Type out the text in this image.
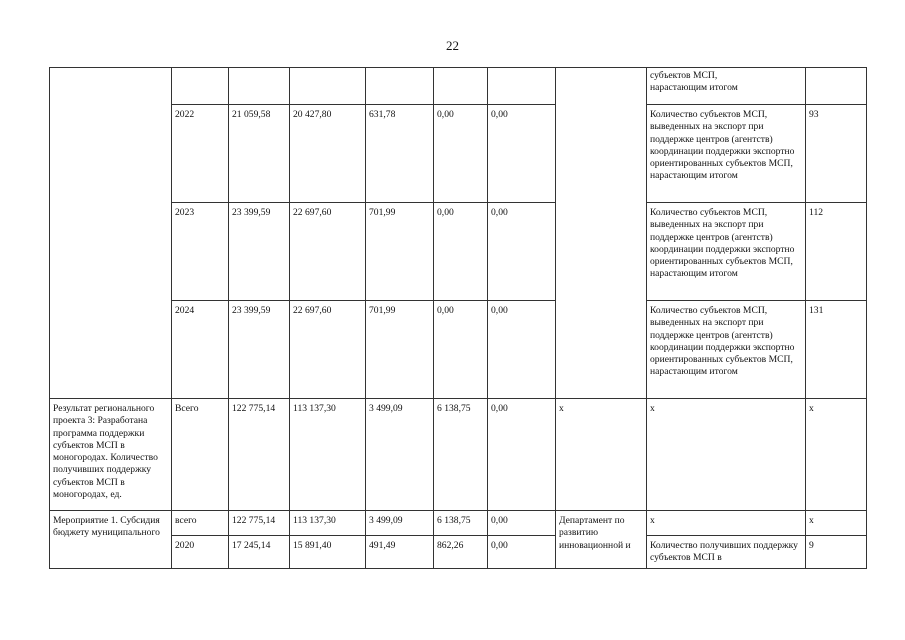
22

								субъектов МСП,
нарастающим итогом	

	2022	21 059,58	20 427,80	631,78	0,00	0,00		Количество субъектов МСП, выведенных на экспорт при поддержке центров (агентств) координации поддержки экспортно ориентированных субъектов МСП, нарастающим итогом	93
	2023	23 399,59	22 697,60	701,99	0,00	0,00		Количество субъектов МСП, выведенных на экспорт при поддержке центров (агентств) координации поддержки экспортно ориентированных субъектов МСП, нарастающим итогом	112
	2024	23 399,59	22 697,60	701,99	0,00	0,00		Количество субъектов МСП, выведенных на экспорт при поддержке центров (агентств) координации поддержки экспортно ориентированных субъектов МСП, нарастающим итогом	131
Результат регионального проекта 3: Разработана программа поддержки субъектов МСП в моногородах. Количество получивших поддержку субъектов МСП в моногородах, ед.	Всего	122 775,14	113 137,30	3 499,09	6 138,75	0,00	х	х	х

Мероприятие 1. Субсидия бюджету муниципального	всего	122 775,14	113 137,30	3 499,09	6 138,75	0,00	Департамент по развитию инновационной и	х	х
	2020	17 245,14	15 891,40	491,49	862,26	0,00		Количество получивших поддержку субъектов МСП в	9
